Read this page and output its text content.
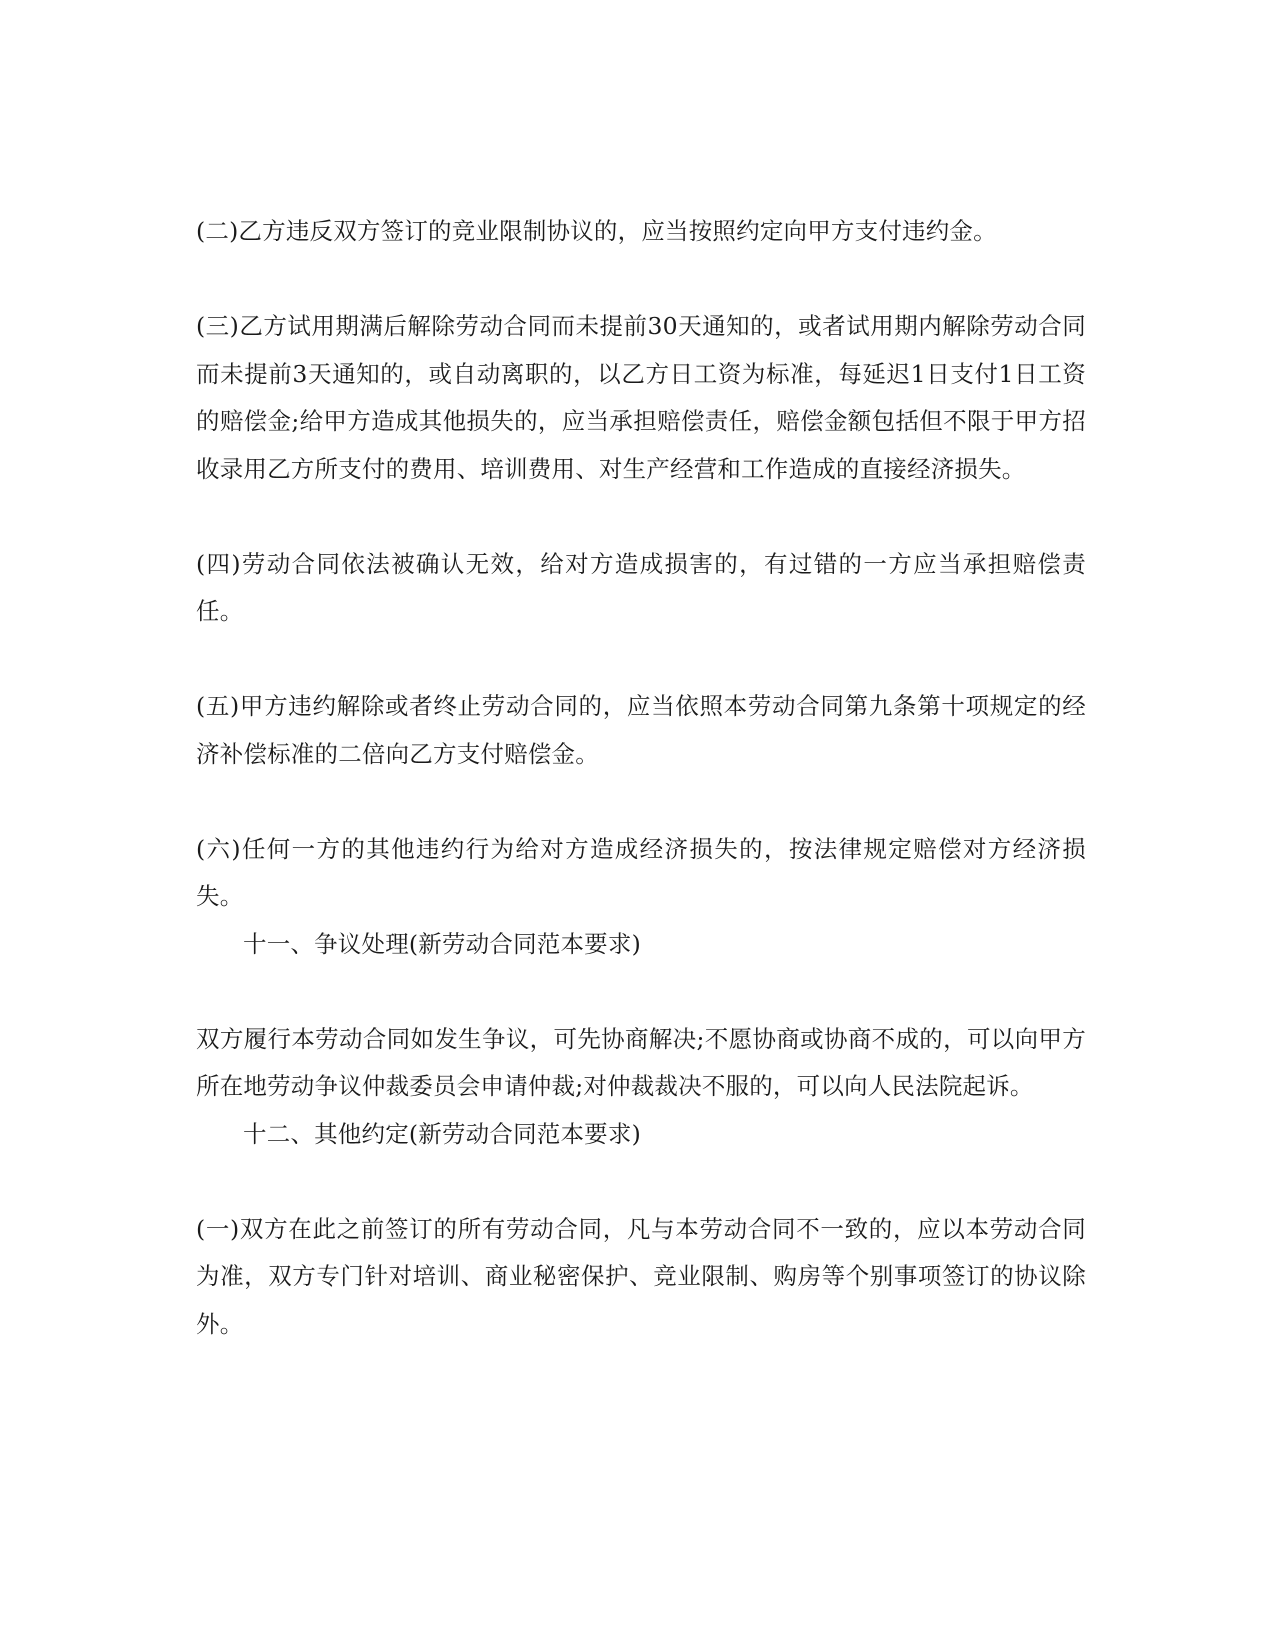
(二)乙方违反双方签订的竞业限制协议的，应当按照约定向甲方支付违约金。

(三)乙方试用期满后解除劳动合同而未提前30天通知的，或者试用期内解除劳动合同而未提前3天通知的，或自动离职的，以乙方日工资为标准，每延迟1日支付1日工资的赔偿金;给甲方造成其他损失的，应当承担赔偿责任，赔偿金额包括但不限于甲方招收录用乙方所支付的费用、培训费用、对生产经营和工作造成的直接经济损失。

(四)劳动合同依法被确认无效，给对方造成损害的，有过错的一方应当承担赔偿责任。

(五)甲方违约解除或者终止劳动合同的，应当依照本劳动合同第九条第十项规定的经济补偿标准的二倍向乙方支付赔偿金。

(六)任何一方的其他违约行为给对方造成经济损失的，按法律规定赔偿对方经济损失。

十一、争议处理(新劳动合同范本要求)

双方履行本劳动合同如发生争议，可先协商解决;不愿协商或协商不成的，可以向甲方所在地劳动争议仲裁委员会申请仲裁;对仲裁裁决不服的，可以向人民法院起诉。

十二、其他约定(新劳动合同范本要求)

(一)双方在此之前签订的所有劳动合同，凡与本劳动合同不一致的，应以本劳动合同为准，双方专门针对培训、商业秘密保护、竞业限制、购房等个别事项签订的协议除外。
